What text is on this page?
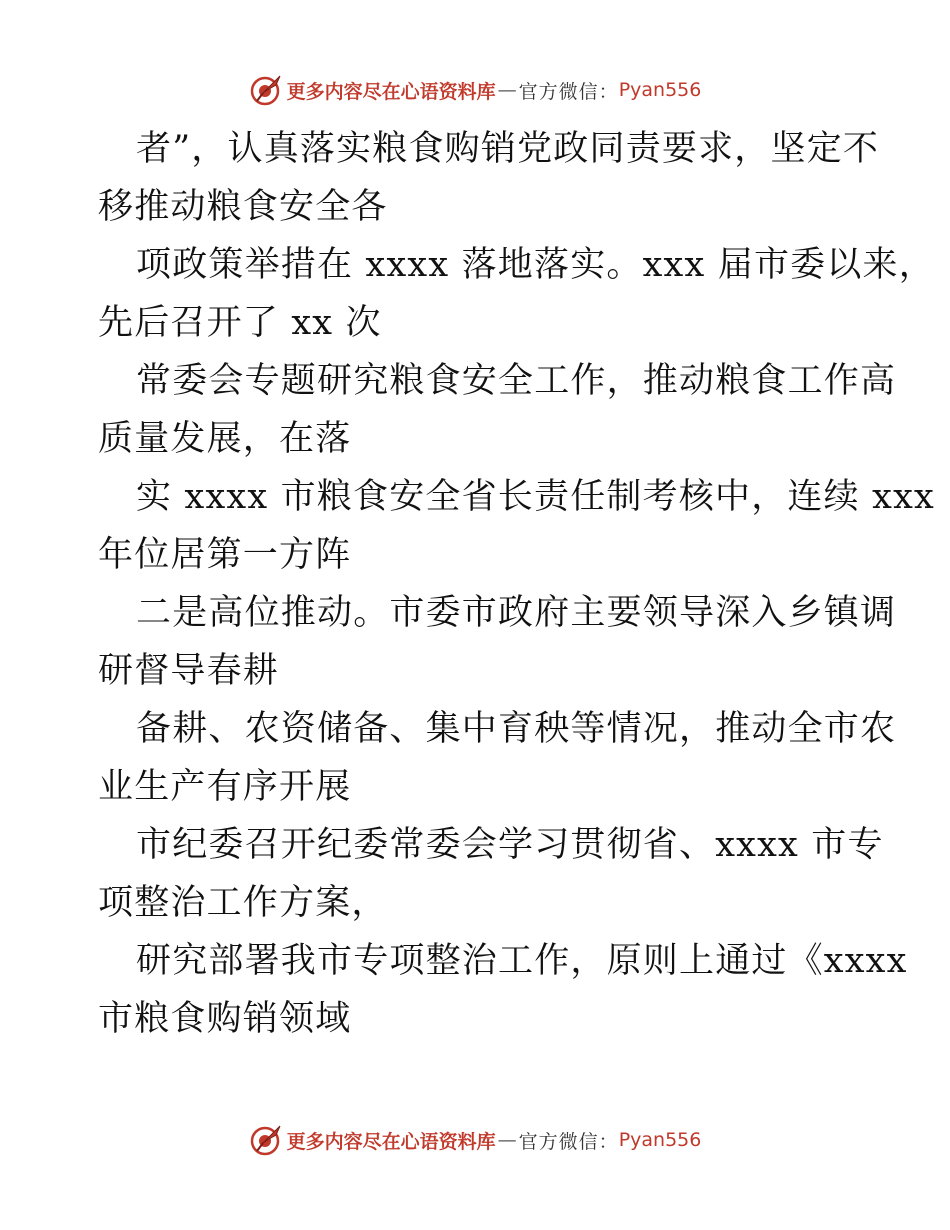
更多内容尽在心语资料库 — 官方微信： Pyan556
者”，认真落实粮食购销党政同责要求，坚定不
移推动粮食安全各
项政策举措在 xxxx 落地落实。xxx 届市委以来，
先后召开了 xx 次
常委会专题研究粮食安全工作，推动粮食工作高
质量发展，在落
实 xxxx 市粮食安全省长责任制考核中，连续 xxx
年位居第一方阵
二是高位推动。市委市政府主要领导深入乡镇调
研督导春耕
备耕、农资储备、集中育秧等情况，推动全市农
业生产有序开展
市纪委召开纪委常委会学习贯彻省、xxxx 市专
项整治工作方案，
研究部署我市专项整治工作，原则上通过《xxxx
市粮食购销领域
更多内容尽在心语资料库 — 官方微信： Pyan556
